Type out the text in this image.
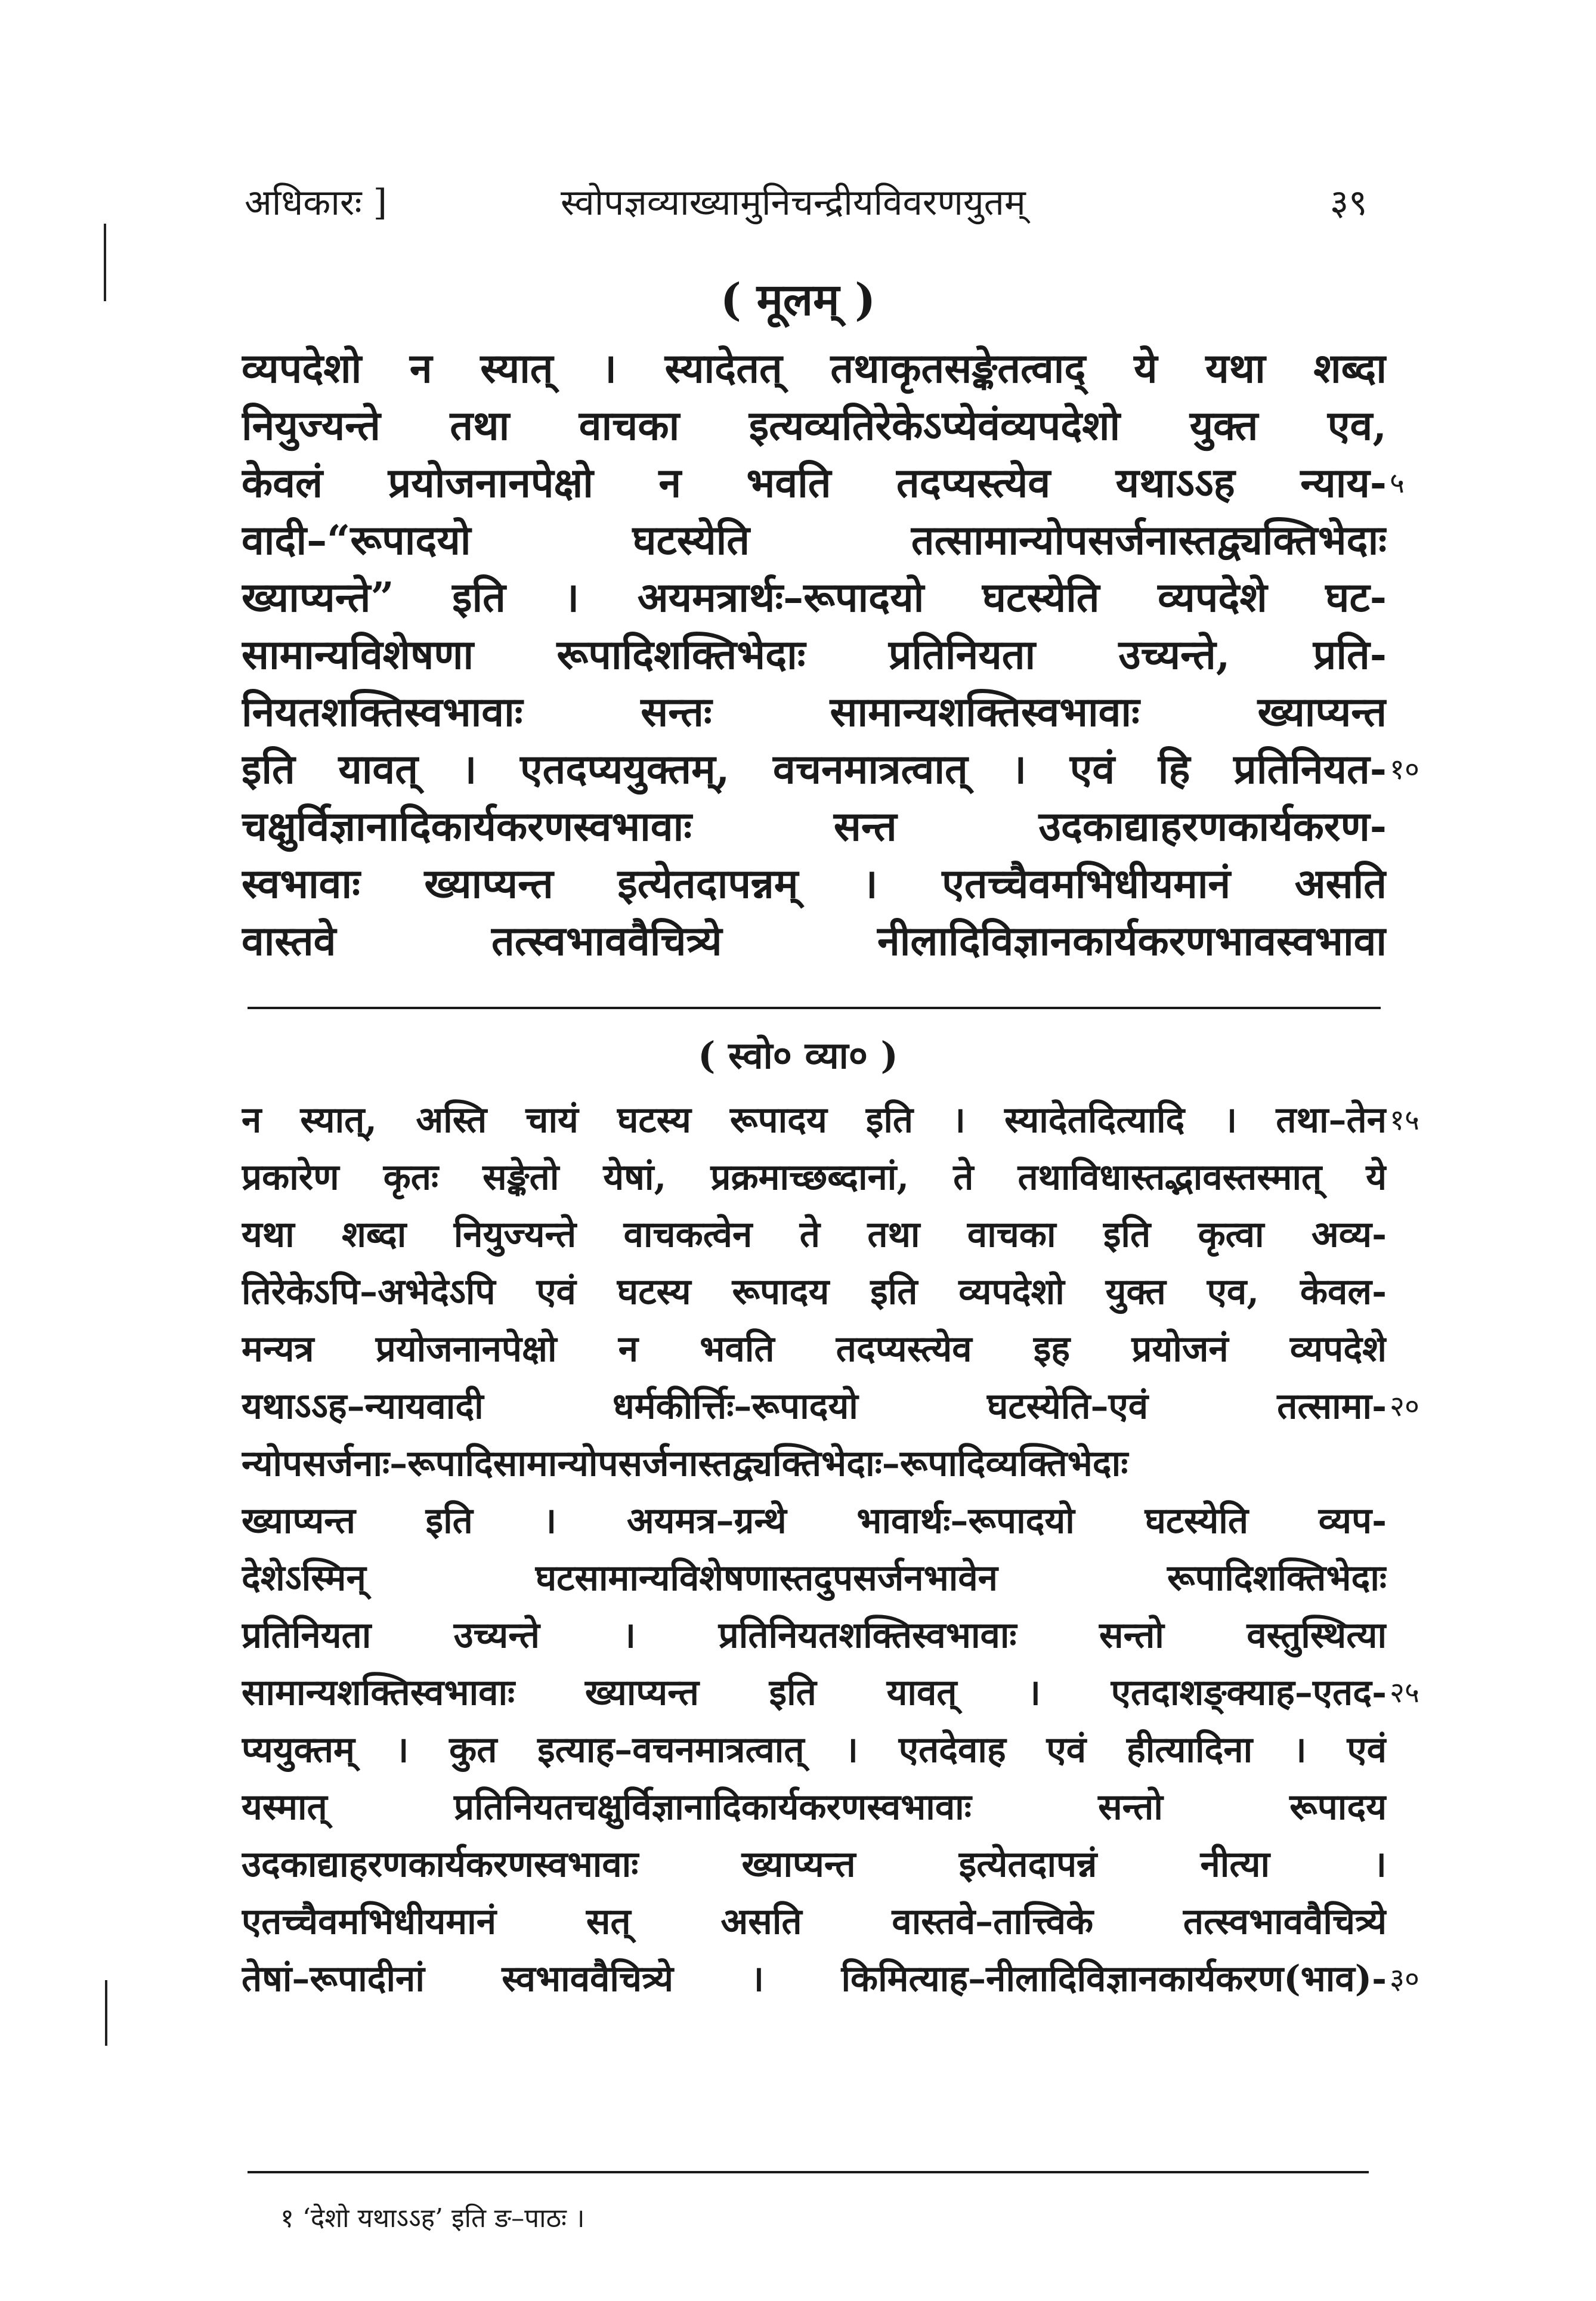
अधिकारः ]	स्वोपज्ञव्याख्यामुनिचन्द्रीयविवरणयुतम्	३९
( मूलम् )
व्यपदेशो न स्यात् । स्यादेतत् तथाकृतसङ्केतत्वाद् ये यथा शब्दा
नियुज्यन्ते तथा वाचका इत्यव्यतिरेकेऽप्येवंव्यपदेशो युक्त एव,
केवलं प्रयोजनानपेक्षो न भवति तदप्यस्त्येव यथाऽऽह न्याय-
वादी–“रूपादयो घटस्येति तत्सामान्योपसर्जनास्तद्व्यक्तिभेदाः
ख्याप्यन्ते” इति । अयमत्रार्थः–रूपादयो घटस्येति व्यपदेशे घट-
सामान्यविशेषणा रूपादिशक्तिभेदाः प्रतिनियता उच्यन्ते, प्रति-
नियतशक्तिस्वभावाः सन्तः सामान्यशक्तिस्वभावाः ख्याप्यन्त
इति यावत् । एतदप्ययुक्तम्, वचनमात्रत्वात् । एवं हि प्रतिनियत-
चक्षुर्विज्ञानादिकार्यकरणस्वभावाः सन्त उदकाद्याहरणकार्यकरण-
स्वभावाः ख्याप्यन्त इत्येतदापन्नम् । एतच्चैवमभिधीयमानं असति
वास्तवे तत्स्वभाववैचित्र्ये नीलादिविज्ञानकार्यकरणभावस्वभावा
५
१०
( स्वो० व्या० )
न स्यात्, अस्ति चायं घटस्य रूपादय इति । स्यादेतदित्यादि । तथा–तेन
प्रकारेण कृतः सङ्केतो येषां, प्रक्रमाच्छब्दानां, ते तथाविधास्तद्भावस्तस्मात् ये
यथा शब्दा नियुज्यन्ते वाचकत्वेन ते तथा वाचका इति कृत्वा अव्य-
तिरेकेऽपि–अभेदेऽपि एवं घटस्य रूपादय इति व्यपदेशो युक्त एव, केवल-
मन्यत्र प्रयोजनानपेक्षो न भवति तदप्यस्त्येव इह प्रयोजनं व्यपदेशे
यथाऽऽह–न्यायवादी धर्मकीर्त्तिः–रूपादयो घटस्येति–एवं तत्सामा-
न्योपसर्जनाः–रूपादिसामान्योपसर्जनास्तद्व्यक्तिभेदाः–रूपादिव्यक्तिभेदाः
ख्याप्यन्त इति । अयमत्र–ग्रन्थे भावार्थः–रूपादयो घटस्येति व्यप-
देशेऽस्मिन् घटसामान्यविशेषणास्तदुपसर्जनभावेन रूपादिशक्तिभेदाः
प्रतिनियता उच्यन्ते । प्रतिनियतशक्तिस्वभावाः सन्तो वस्तुस्थित्या
सामान्यशक्तिस्वभावाः ख्याप्यन्त इति यावत् । एतदाशङ्क्याह–एतद-
प्ययुक्तम् । कुत इत्याह–वचनमात्रत्वात् । एतदेवाह एवं हीत्यादिना । एवं
यस्मात् प्रतिनियतचक्षुर्विज्ञानादिकार्यकरणस्वभावाः सन्तो रूपादय
उदकाद्याहरणकार्यकरणस्वभावाः ख्याप्यन्त इत्येतदापन्नं नीत्या ।
एतच्चैवमभिधीयमानं सत् असति वास्तवे–तात्त्विके तत्स्वभाववैचित्र्ये
तेषां–रूपादीनां स्वभाववैचित्र्ये । किमित्याह–नीलादिविज्ञानकार्यकरण(भाव)-
१५
२०
२५
३०
१ ‘देशो यथाऽऽह’ इति ङ–पाठः ।
